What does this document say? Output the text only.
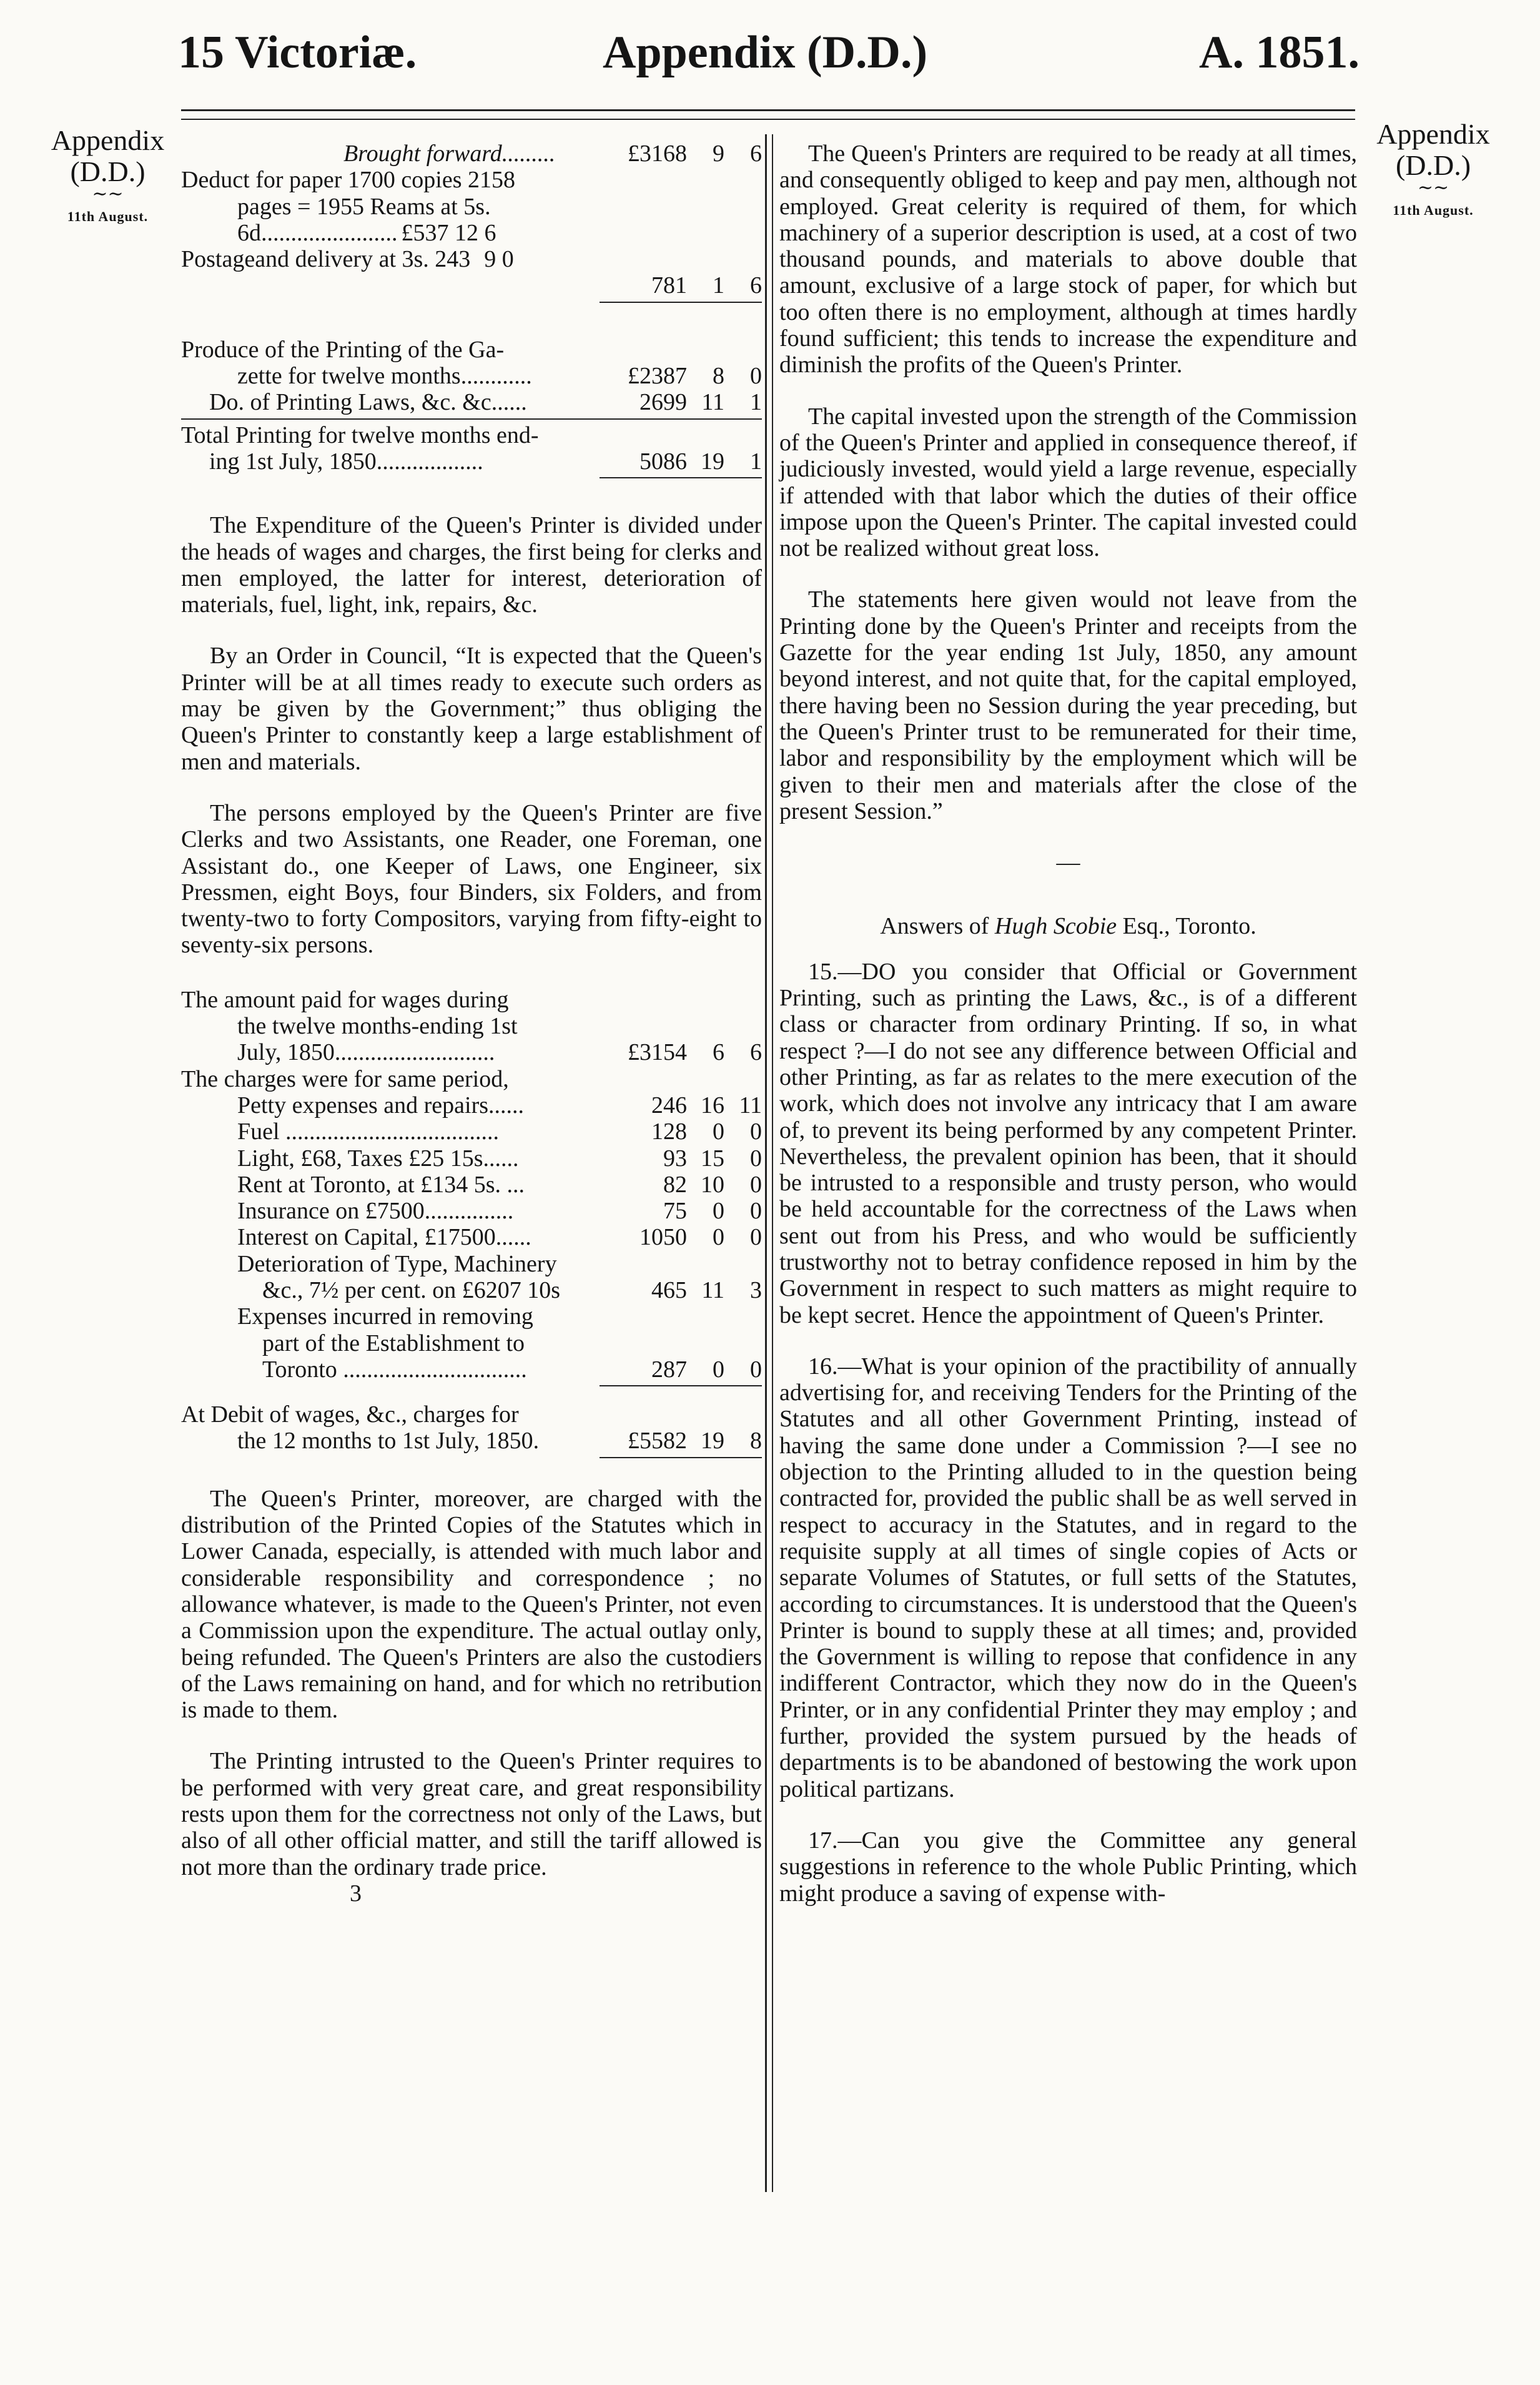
15 Victoriæ.	Appendix (D.D.)	A. 1851.
Appendix
(D.D.)
∼∼
11th August.
Appendix
(D.D.)
∼∼
11th August.
Brought forward.........	£3168	9	6
Deduct for paper 1700 copies 2158
pages = 1955 Reams at 5s.
6d....................... £537 12 6
Postageand delivery at 3s. 243 9 0
781	1	6
Produce of the Printing of the Ga-
zette for twelve months............	£2387	8	0
Do. of Printing Laws, &c. &c......	2699 11	1
Total Printing for twelve months end-
ing 1st July, 1850..................	5086 19	1

The Expenditure of the Queen's Printer is divided under the heads of wages and charges, the first being for clerks and men employed, the latter for interest, deterioration of materials, fuel, light, ink, repairs, &c.

By an Order in Council, “It is expected that the Queen's Printer will be at all times ready to execute such orders as may be given by the Government;” thus obliging the Queen's Printer to constantly keep a large establishment of men and materials.

The persons employed by the Queen's Printer are five Clerks and two Assistants, one Reader, one Foreman, one Assistant do., one Keeper of Laws, one Engineer, six Pressmen, eight Boys, four Binders, six Folders, and from twenty-two to forty Compositors, varying from fifty-eight to seventy-six persons.

The amount paid for wages during
the twelve months-ending 1st
July, 1850...........................	£3154	6	6
The charges were for same period,
Petty expenses and repairs......	246 16 11
Fuel ....................................	128	0	0
Light, £68, Taxes £25 15s......	93 15	0
Rent at Toronto, at £134 5s. ...	82 10	0
Insurance on £7500...............	75	0	0
Interest on Capital, £17500......	1050	0	0
Deterioration of Type, Machinery
&c., 7½ per cent. on £6207 10s	465 11	3
Expenses incurred in removing
part of the Establishment to
Toronto ...............................	287	0	0
At Debit of wages, &c., charges for
the 12 months to 1st July, 1850.	£5582 19	8

The Queen's Printer, moreover, are charged with the distribution of the Printed Copies of the Statutes which in Lower Canada, especially, is attended with much labor and considerable responsibility and correspondence ; no allowance whatever, is made to the Queen's Printer, not even a Commission upon the expenditure. The actual outlay only, being refunded. The Queen's Printers are also the custodiers of the Laws remaining on hand, and for which no retribution is made to them.

The Printing intrusted to the Queen's Printer requires to be performed with very great care, and great responsibility rests upon them for the correctness not only of the Laws, but also of all other official matter, and still the tariff allowed is not more than the ordinary trade price.

3

The Queen's Printers are required to be ready at all times, and consequently obliged to keep and pay men, although not employed. Great celerity is required of them, for which machinery of a superior description is used, at a cost of two thousand pounds, and materials to above double that amount, exclusive of a large stock of paper, for which but too often there is no employment, although at times hardly found sufficient; this tends to increase the expenditure and diminish the profits of the Queen's Printer.

The capital invested upon the strength of the Commission of the Queen's Printer and applied in consequence thereof, if judiciously invested, would yield a large revenue, especially if attended with that labor which the duties of their office impose upon the Queen's Printer. The capital invested could not be realized without great loss.

The statements here given would not leave from the Printing done by the Queen's Printer and receipts from the Gazette for the year ending 1st July, 1850, any amount beyond interest, and not quite that, for the capital employed, there having been no Session during the year preceding, but the Queen's Printer trust to be remunerated for their time, labor and responsibility by the employment which will be given to their men and materials after the close of the present Session.”

—
Answers of Hugh Scobie Esq., Toronto.

15.—DO you consider that Official or Government Printing, such as printing the Laws, &c., is of a different class or character from ordinary Printing. If so, in what respect ?—I do not see any difference between Official and other Printing, as far as relates to the mere execution of the work, which does not involve any intricacy that I am aware of, to prevent its being performed by any competent Printer. Nevertheless, the prevalent opinion has been, that it should be intrusted to a responsible and trusty person, who would be held accountable for the correctness of the Laws when sent out from his Press, and who would be sufficiently trustworthy not to betray confidence reposed in him by the Government in respect to such matters as might require to be kept secret. Hence the appointment of Queen's Printer.

16.—What is your opinion of the practibility of annually advertising for, and receiving Tenders for the Printing of the Statutes and all other Government Printing, instead of having the same done under a Commission ?—I see no objection to the Printing alluded to in the question being contracted for, provided the public shall be as well served in respect to accuracy in the Statutes, and in regard to the requisite supply at all times of single copies of Acts or separate Volumes of Statutes, or full setts of the Statutes, according to circumstances. It is understood that the Queen's Printer is bound to supply these at all times; and, provided the Government is willing to repose that confidence in any indifferent Contractor, which they now do in the Queen's Printer, or in any confidential Printer they may employ ; and further, provided the system pursued by the heads of departments is to be abandoned of bestowing the work upon political partizans.

17.—Can you give the Committee any general suggestions in reference to the whole Public Printing, which might produce a saving of expense with-
